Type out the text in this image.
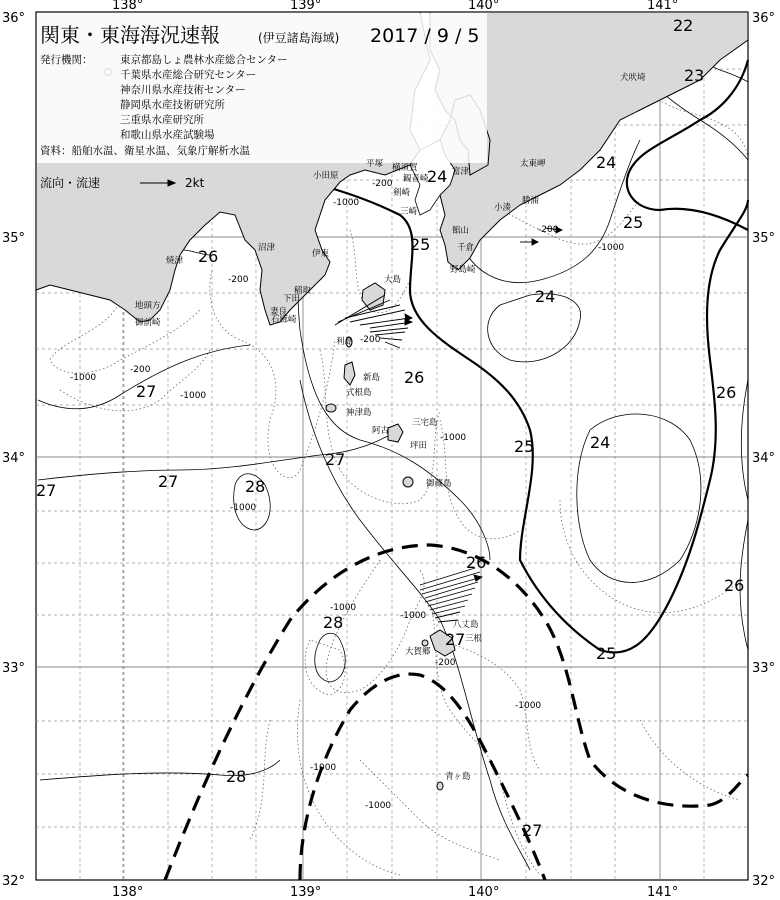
関東・東海海況速報	(伊豆諸島海域) 2017 / 9 / 5
発行機関：	東京都島しょ農林水産総合センター
千葉県水産総合研究センター
神奈川県水産技術センター
静岡県水産技術研究所
三重県水産研究所
和歌山県水産試験場
資料：船舶水温、衛星水温、気象庁解析水温
流向・流速	2kt
138°	139°	140°	141°
138°	139°	140°	141°
36°
35°
34°
33°
32°
36°
35°
34°
33°
32°
22
23
24
24
24
24
25
25
25
25
26
26
26
26
26
27
27
27	27
27
27
28
28
28
-200
-200
-200
-200
-200
-200
-1000
-1000
-1000
-1000
-1000
-1000
-1000
-1000
-1000
-1000
-1000
小田原
平塚 横須賀
観音崎
剣崎
三崎
富津
館山
千倉
野島崎
小湊
勝浦
太東岬
犬吠埼
焼津
沼津
伊東
稲取
下田
妻良
石廊崎
地頭方
御前崎
大島
利島
新島
式根島
神津島
三宅島
阿古
坪田
御蔵島
八丈島
三根
大賀郷
青ヶ島
